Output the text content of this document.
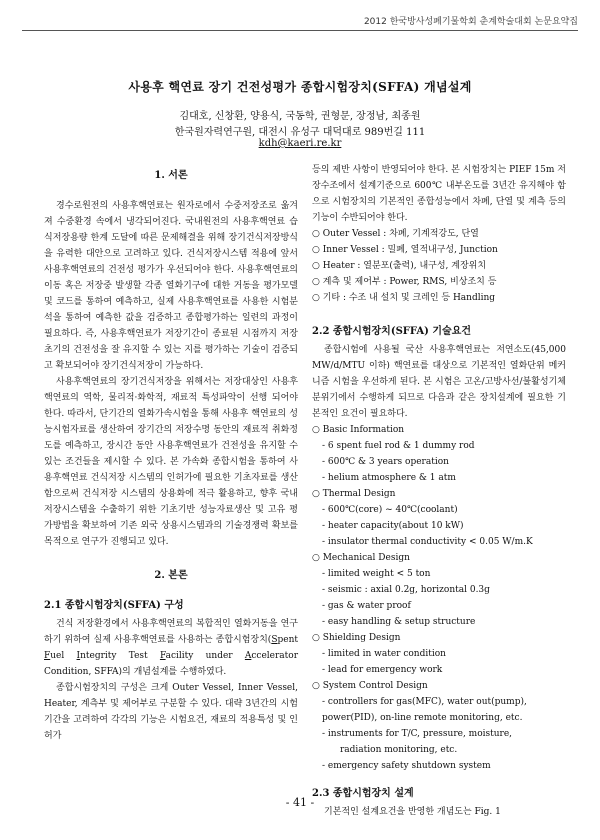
2012 한국방사성폐기물학회 춘계학술대회 논문요약집
사용후 핵연료 장기 건전성평가 종합시험장치(SFFA) 개념설계
김대호, 신창환, 양용식, 국동학, 권형문, 장정남, 최종원
한국원자력연구원, 대전시 유성구 대덕대로 989번길 111
kdh@kaeri.re.kr
1. 서론

경수로원전의 사용후핵연료는 원자로에서 수중저장조로 옮겨져 수중환경 속에서 냉각되어진다. 국내원전의 사용후핵연료 습식저장용량 한계 도달에 따른 문제해결을 위해 장기건식저장방식을 유력한 대안으로 고려하고 있다. 건식저장시스템 적용에 앞서 사용후핵연료의 건전성 평가가 우선되어야 한다. 사용후핵연료의 이동 혹은 저장중 발생할 각종 열화기구에 대한 거동을 평가모델 및 코드를 통하여 예측하고, 실제 사용후핵연료를 사용한 시험분석을 통하여 예측한 값을 검증하고 종합평가하는 일련의 과정이 필요하다. 즉, 사용후핵연료가 저장기간이 종료된 시점까지 저장초기의 건전성을 잘 유지할 수 있는 지를 평가하는 기술이 검증되고 확보되어야 장기건식저장이 가능하다.

사용후핵연료의 장기건식저장을 위해서는 저장대상인 사용후핵연료의 역학, 물리적·화학적, 재료적 특성파악이 선행 되어야 한다. 따라서, 단기간의 열화가속시험을 통해 사용후 핵연료의 성능시험자료를 생산하여 장기간의 저장수명 동안의 재료적 취화정도를 예측하고, 장시간 동안 사용후핵연료가 건전성을 유지할 수 있는 조건들을 제시할 수 있다. 본 가속화 종합시험을 통하여 사용후핵연료 건식저장 시스템의 인허가에 필요한 기초자료를 생산함으로써 건식저장 시스템의 상용화에 적극 활용하고, 향후 국내 저장시스템을 수출하기 위한 기초기반 성능자료생산 및 고유 평가방법을 확보하여 기존 외국 상용시스템과의 기술경쟁력 확보를 목적으로 연구가 진행되고 있다.

2. 본론
2.1 종합시험장치(SFFA) 구성

건식 저장환경에서 사용후핵연료의 복합적인 열화거동을 연구하기 위하여 실제 사용후핵연료를 사용하는 종합시험장치(Spent Fuel Integrity Test Facility under Accelerator Condition, SFFA)의 개념설계를 수행하였다.

종합시험장치의 구성은 크게 Outer Vessel, Inner Vessel, Heater, 계측부 및 제어부로 구분할 수 있다. 대략 3년간의 시험기간을 고려하여 각각의 기능은 시험요건, 재료의 적용특성 및 인허가

등의 제반 사항이 반영되어야 한다. 본 시험장치는 PIEF 15m 저장수조에서 설계기준으로 600℃ 내부온도를 3년간 유지해야 함으로 시험장치의 기본적인 종합성능에서 차폐, 단열 및 계측 등의 기능이 수반되어야 한다.

○ Outer Vessel : 차폐, 기계적강도, 단열
○ Inner Vessel : 밀폐, 열적내구성, Junction
○ Heater : 열분포(출력), 내구성, 계장위치
○ 계측 및 제어부 : Power, RMS, 비상조치 등
○ 기타 : 수조 내 설치 및 크레인 등 Handling
2.2 종합시험장치(SFFA) 기술요건

종합시험에 사용될 국산 사용후핵연료는 저연소도(45,000 MW/d/MTU 이하) 핵연료를 대상으로 기본적인 열화단위 메커니즘 시험을 우선하게 된다. 본 시험은 고온/고방사선/불활성기체 분위기에서 수행하게 되므로 다음과 같은 장치설계에 필요한 기본적인 요건이 필요하다.

○ Basic Information
- 6 spent fuel rod & 1 dummy rod
- 600℃ & 3 years operation
- helium atmosphere & 1 atm
○ Thermal Design
- 600℃(core) ~ 40℃(coolant)
- heater capacity(about 10 kW)
- insulator thermal conductivity < 0.05 W/m.K
○ Mechanical Design
- limited weight < 5 ton
- seismic : axial 0.2g, horizontal 0.3g
- gas & water proof
- easy handling & setup structure
○ Shielding Design
- limited in water condition
- lead for emergency work
○ System Control Design
- controllers for gas(MFC), water out(pump), power(PID), on-line remote monitoring, etc.
- instruments for T/C, pressure, moisture,
radiation monitoring, etc.
- emergency safety shutdown system
2.3 종합시험장치 설계

기본적인 설계요건을 반영한 개념도는 Fig. 1

- 41 -
